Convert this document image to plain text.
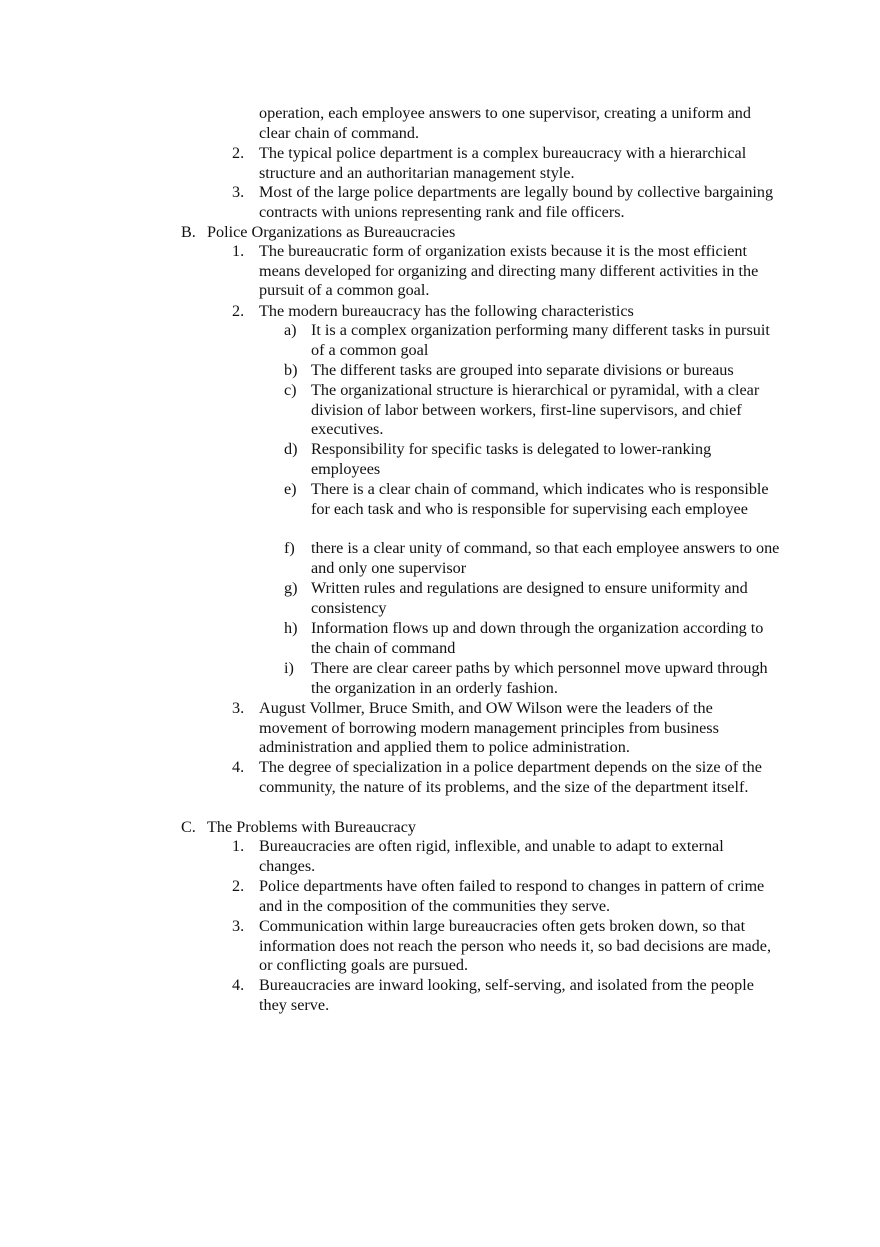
operation, each employee answers to one supervisor, creating a uniform and clear chain of command.
2. The typical police department is a complex bureaucracy with a hierarchical structure and an authoritarian management style.
3. Most of the large police departments are legally bound by collective bargaining contracts with unions representing rank and file officers.
B. Police Organizations as Bureaucracies
1. The bureaucratic form of organization exists because it is the most efficient means developed for organizing and directing many different activities in the pursuit of a common goal.
2. The modern bureaucracy has the following characteristics
a) It is a complex organization performing many different tasks in pursuit of a common goal
b) The different tasks are grouped into separate divisions or bureaus
c) The organizational structure is hierarchical or pyramidal, with a clear division of labor between workers, first-line supervisors, and chief executives.
d) Responsibility for specific tasks is delegated to lower-ranking employees
e) There is a clear chain of command, which indicates who is responsible for each task and who is responsible for supervising each employee
f)	there is a clear unity of command, so that each employee answers to one and only one supervisor
g) Written rules and regulations are designed to ensure uniformity and consistency
h) Information flows up and down through the organization according to the chain of command
i)	There are clear career paths by which personnel move upward through the organization in an orderly fashion.
3. August Vollmer, Bruce Smith, and OW Wilson were the leaders of the movement of borrowing modern management principles from business administration and applied them to police administration.
4. The degree of specialization in a police department depends on the size of the community, the nature of its problems, and the size of the department itself.
C. The Problems with Bureaucracy
1. Bureaucracies are often rigid, inflexible, and unable to adapt to external changes.
2. Police departments have often failed to respond to changes in pattern of crime and in the composition of the communities they serve.
3. Communication within large bureaucracies often gets broken down, so that information does not reach the person who needs it, so bad decisions are made, or conflicting goals are pursued.
4. Bureaucracies are inward looking, self-serving, and isolated from the people they serve.
